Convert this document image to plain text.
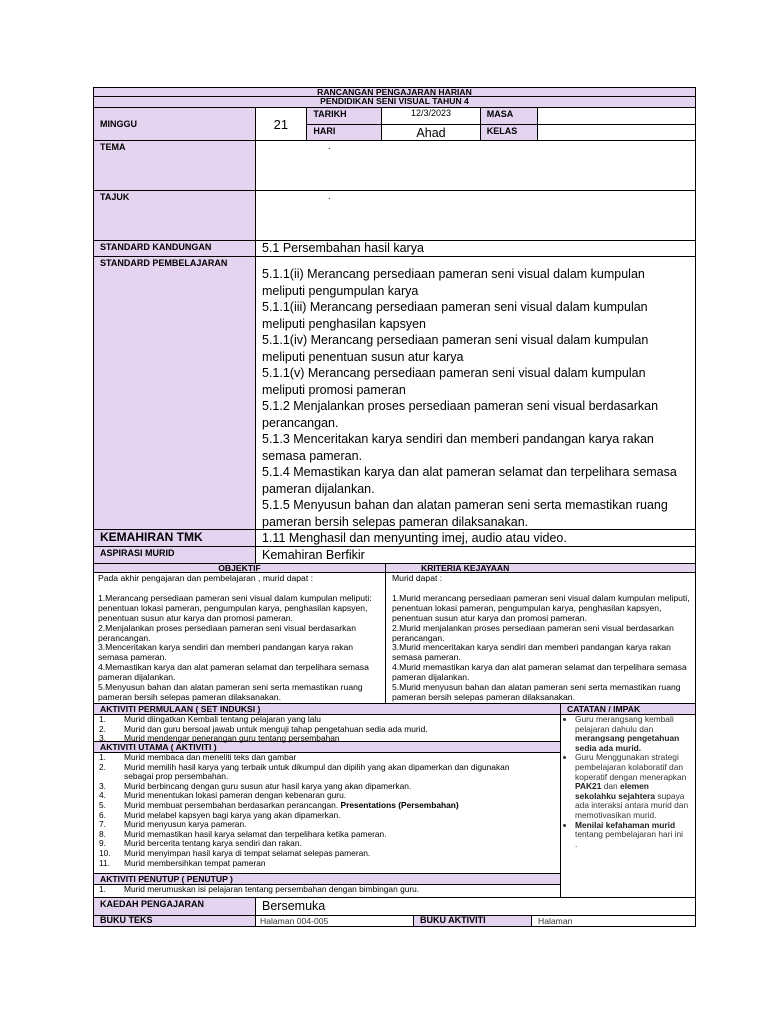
RANCANGAN PENGAJARAN HARIAN
PENDIDIKAN SENI VISUAL TAHUN 4
MINGGU	21
TARIKH	12/3/2023
HARI	Ahad
MASA
KELAS
TEMA	.
TAJUK	.
STANDARD KANDUNGAN	5.1 Persembahan hasil karya
STANDARD PEMBELAJARAN
5.1.1(ii) Merancang persediaan pameran seni visual dalam kumpulan meliputi pengumpulan karya
5.1.1(iii) Merancang persediaan pameran seni visual dalam kumpulan meliputi penghasilan kapsyen
5.1.1(iv) Merancang persediaan pameran seni visual dalam kumpulan meliputi penentuan susun atur karya
5.1.1(v) Merancang persediaan pameran seni visual dalam kumpulan meliputi promosi pameran
5.1.2 Menjalankan proses persediaan pameran seni visual berdasarkan perancangan.
5.1.3 Menceritakan karya sendiri dan memberi pandangan karya rakan semasa pameran.
5.1.4 Memastikan karya dan alat pameran selamat dan terpelihara semasa pameran dijalankan.
5.1.5 Menyusun bahan dan alatan pameran seni serta memastikan ruang pameran bersih selepas pameran dilaksanakan.
KEMAHIRAN TMK	1.11 Menghasil dan menyunting imej, audio atau video.
ASPIRASI MURID	Kemahiran Berfikir
OBJEKTIF	KRITERIA KEJAYAAN
Pada akhir pengajaran dan pembelajaran , murid dapat :
1.Merancang persediaan pameran seni visual dalam kumpulan meliputi: penentuan lokasi pameran, pengumpulan karya, penghasilan kapsyen, penentuan susun atur karya dan promosi pameran.
2.Menjalankan proses persediaan pameran seni visual berdasarkan perancangan.
3.Menceritakan karya sendiri dan memberi pandangan karya rakan semasa pameran.
4.Memastikan karya dan alat pameran selamat dan terpelihara semasa pameran dijalankan.
5.Menyusun bahan dan alatan pameran seni serta memastikan ruang pameran bersih selepas pameran dilaksanakan.
Murid dapat :
1.Murid merancang persediaan pameran seni visual dalam kumpulan meliputi, penentuan lokasi pameran, pengumpulan karya, penghasilan kapsyen, penentuan susun atur karya dan promosi pameran.
2.Murid menjalankan proses persediaan pameran seni visual berdasarkan perancangan.
3.Murid menceritakan karya sendiri dan memberi pandangan karya rakan semasa pameran.
4.Murid memastikan karya dan alat pameran selamat dan terpelihara semasa pameran dijalankan.
5.Murid menyusun bahan dan alatan pameran seni serta memastikan ruang pameran bersih selepas pameran dilaksanakan.
AKTIVITI PERMULAAN ( SET INDUKSI )
Murid diingatkan Kembali tentang pelajaran yang lalu
Murid dan guru bersoal jawab untuk menguji tahap pengetahuan sedia ada murid.
Murid mendengar penerangan guru tentang persembahan
AKTIVITI UTAMA ( AKTIVITI )
Murid membaca dan meneliti teks dan gambar
Murid memilih hasil karya yang terbaik untuk dikumpul dan dipilih yang akan dipamerkan dan digunakan
sebagai prop persembahan.
Murid berbincang dengan guru susun atur hasil karya yang akan dipamerkan.
Murid menentukan lokasi pameran dengan kebenaran guru.
Murid membuat persembahan berdasarkan perancangan. Presentations (Persembahan)
Murid melabel kapsyen bagi karya yang akan dipamerkan.
Murid menyusun karya pameran.
Murid memastikan hasil karya selamat dan terpelihara ketika pameran.
Murid bercerita tentang karya sendiri dan rakan.
Murid menyimpan hasil karya di tempat selamat selepas pameran.
Murid membersihkan tempat pameran
AKTIVITI PENUTUP ( PENUTUP )
Murid merumuskan isi pelajaran tentang persembahan dengan bimbingan guru.
CATATAN / IMPAK
• Guru merangsang kembali pelajaran dahulu dan merangsang pengetahuan sedia ada murid.
• Guru Menggunakan strategi pembelajaran kolaboratif dan koperatif dengan menerapkan PAK21 dan elemen sekolahku sejahtera supaya ada interaksi antara murid dan memotivasikan murid.
• Menilai kefahaman murid tentang pembelajaran hari ini
.
KAEDAH PENGAJARAN	Bersemuka
BUKU TEKS	Halaman 004-005	BUKU AKTIVITI	Halaman
